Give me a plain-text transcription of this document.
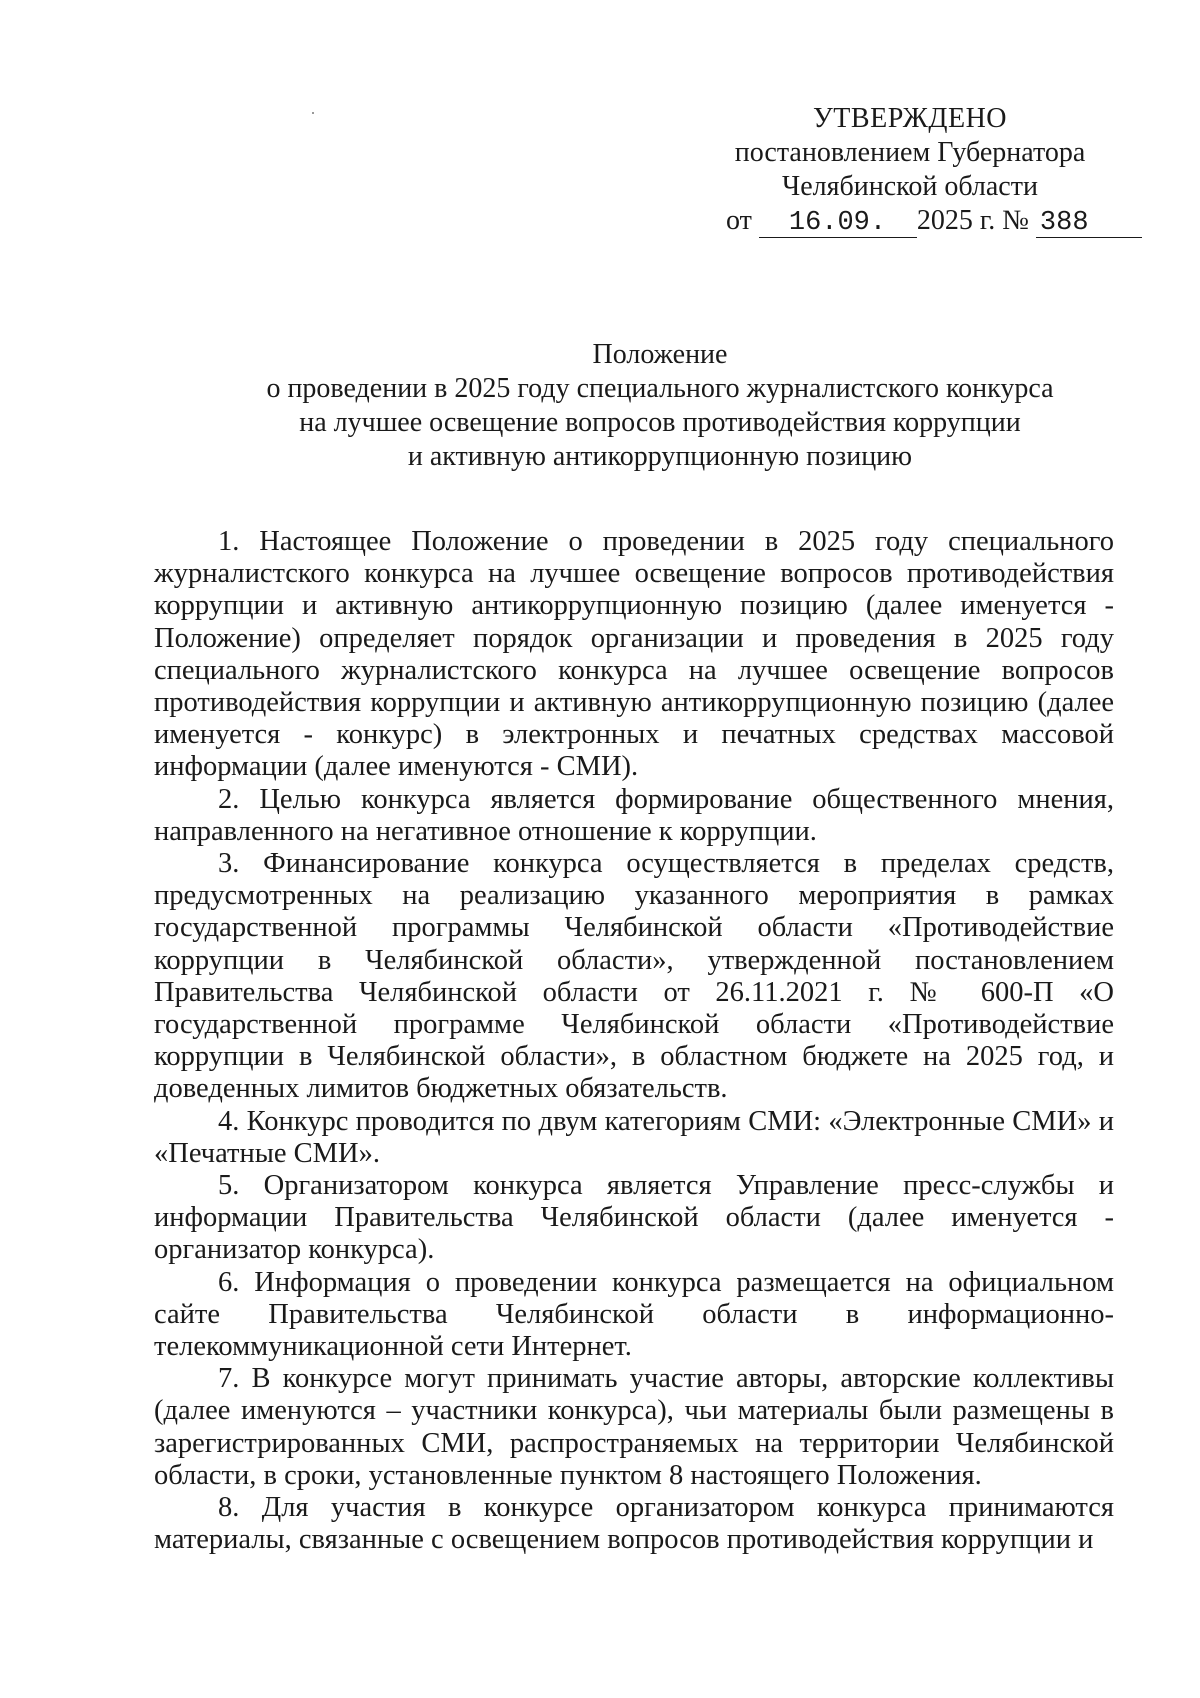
УТВЕРЖДЕНО
постановлением Губернатора
Челябинской области
от 16.09. 2025 г. № 388
Положение
о проведении в 2025 году специального журналистского конкурса
на лучшее освещение вопросов противодействия коррупции
и активную антикоррупционную позицию

1. Настоящее Положение о проведении в 2025 году специального журналистского конкурса на лучшее освещение вопросов противодействия коррупции и активную антикоррупционную позицию (далее именуется - Положение) определяет порядок организации и проведения в 2025 году специального журналистского конкурса на лучшее освещение вопросов противодействия коррупции и активную антикоррупционную позицию (далее именуется - конкурс) в электронных и печатных средствах массовой информации (далее именуются - СМИ).

2. Целью конкурса является формирование общественного мнения, направленного на негативное отношение к коррупции.

3. Финансирование конкурса осуществляется в пределах средств, предусмотренных на реализацию указанного мероприятия в рамках государственной программы Челябинской области «Противодействие коррупции в Челябинской области», утвержденной постановлением Правительства Челябинской области от 26.11.2021 г. № 600-П «О государственной программе Челябинской области «Противодействие коррупции в Челябинской области», в областном бюджете на 2025 год, и доведенных лимитов бюджетных обязательств.

4. Конкурс проводится по двум категориям СМИ: «Электронные СМИ» и «Печатные СМИ».

5. Организатором конкурса является Управление пресс-службы и информации Правительства Челябинской области (далее именуется - организатор конкурса).

6. Информация о проведении конкурса размещается на официальном сайте Правительства Челябинской области в информационно-телекоммуникационной сети Интернет.

7. В конкурсе могут принимать участие авторы, авторские коллективы (далее именуются – участники конкурса), чьи материалы были размещены в зарегистрированных СМИ, распространяемых на территории Челябинской области, в сроки, установленные пунктом 8 настоящего Положения.

8. Для участия в конкурсе организатором конкурса принимаются материалы, связанные с освещением вопросов противодействия коррупции и
